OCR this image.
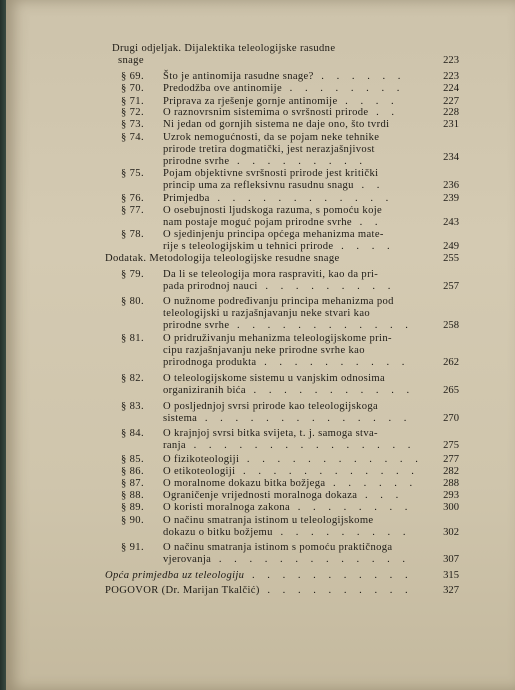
Drugi odjeljak. Dijalektika teleologijske rasudne
snage	223
§ 69. Što je antinomija rasudne snage? . . . . . .	223
§ 70. Predodžba ove antinomije . . . . . . . .	224
§ 71. Priprava za rješenje gornje antinomije . . . .	227
§ 72. O raznovrsnim sistemima o svršnosti prirode . .	228
§ 73. Ni jedan od gornjih sistema ne daje ono, što tvrdi	231
§ 74. Uzrok nemogućnosti, da se pojam neke tehnike
prirode tretira dogmatički, jest nerazjašnjivost
prirodne svrhe . . . . . . . . .	234
§ 75. Pojam objektivne svršnosti prirode jest kritički
princip uma za refleksivnu rasudnu snagu . .	236
§ 76. Primjedba . . . . . . . . . . . .	239
§ 77. O osebujnosti ljudskoga razuma, s pomoću koje
nam postaje moguć pojam prirodne svrhe . .	243
§ 78. O sjedinjenju principa općega mehanizma mate-
rije s teleologijskim u tehnici prirode . . . .	249
Dodatak. Metodologija teleologijske resudne snage	255
§ 79. Da li se teleologija mora raspraviti, kao da pri-
pada prirodnoj nauci . . . . . . . . .	257
§ 80. O nužnome podređivanju principa mehanizma pod
teleologijski u razjašnjavanju neke stvari kao
prirodne svrhe . . . . . . . . . . . .	258
§ 81. O pridruživanju mehanizma teleologijskome prin-
cipu razjašnjavanju neke prirodne svrhe kao
prirodnoga produkta . . . . . . . . . .	262
§ 82. O teleologijskome sistemu u vanjskim odnosima
organiziranih bića . . . . . . . . . . .	265
§ 83. O posljednjoj svrsi prirode kao teleologijskoga
sistema . . . . . . . . . . . . . .	270
§ 84. O krajnjoj svrsi bitka svijeta, t. j. samoga stva-
ranja . . . . . . . . . . . . . . .	275
§ 85. O fizikoteologiji . . . . . . . . . . . . 277
§ 86. O etikoteologiji . . . . . . . . . . . . 282
§ 87. O moralnome dokazu bitka božjega . . . . . . 288
§ 88. Ograničenje vrijednosti moralnoga dokaza . . .	293
§ 89. O koristi moralnoga zakona . . . . . . . .	300
§ 90. O načinu smatranja istinom u teleologijskome
dokazu o bitku božjemu . . . . . . . . .	302
§ 91. O načinu smatranja istinom s pomoću praktičnoga
vjerovanja . . . . . . . . . . . . .	307
Opća primjedba uz teleologiju . . . . . . . . . . .	315
POGOVOR (Dr. Marijan Tkalčić) . . . . . . . . . .	327
